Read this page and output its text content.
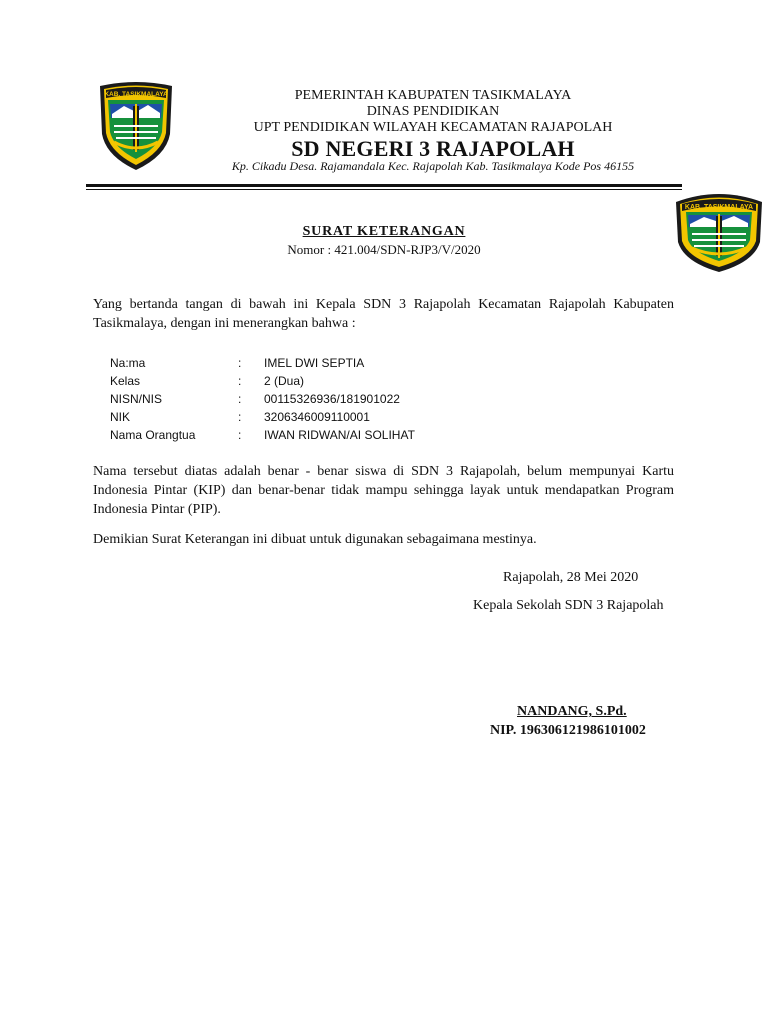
KAB. TASIKMALAYA
KAB. TASIKMALAYA
PEMERINTAH KABUPATEN TASIKMALAYA
DINAS PENDIDIKAN
UPT PENDIDIKAN WILAYAH KECAMATAN RAJAPOLAH
SD NEGERI 3 RAJAPOLAH
Kp. Cikadu Desa. Rajamandala Kec. Rajapolah Kab. Tasikmalaya Kode Pos 46155
SURAT KETERANGAN
Nomor : 421.004/SDN-RJP3/V/2020
Yang bertanda tangan di bawah ini Kepala SDN 3 Rajapolah Kecamatan Rajapolah Kabupaten Tasikmalaya, dengan ini menerangkan bahwa :
Na:ma	:	IMEL DWI SEPTIA
Kelas	:	2 (Dua)
NISN/NIS	:	00115326936/181901022
NIK	:	3206346009110001
Nama Orangtua	:	IWAN RIDWAN/AI SOLIHAT
Nama tersebut diatas adalah benar - benar siswa di SDN 3 Rajapolah, belum mempunyai Kartu Indonesia Pintar (KIP) dan benar-benar tidak mampu sehingga layak untuk mendapatkan Program Indonesia Pintar (PIP).
Demikian Surat Keterangan ini dibuat untuk digunakan sebagaimana mestinya.
Rajapolah, 28 Mei 2020
Kepala Sekolah SDN 3 Rajapolah
NANDANG, S.Pd.
NIP. 196306121986101002
